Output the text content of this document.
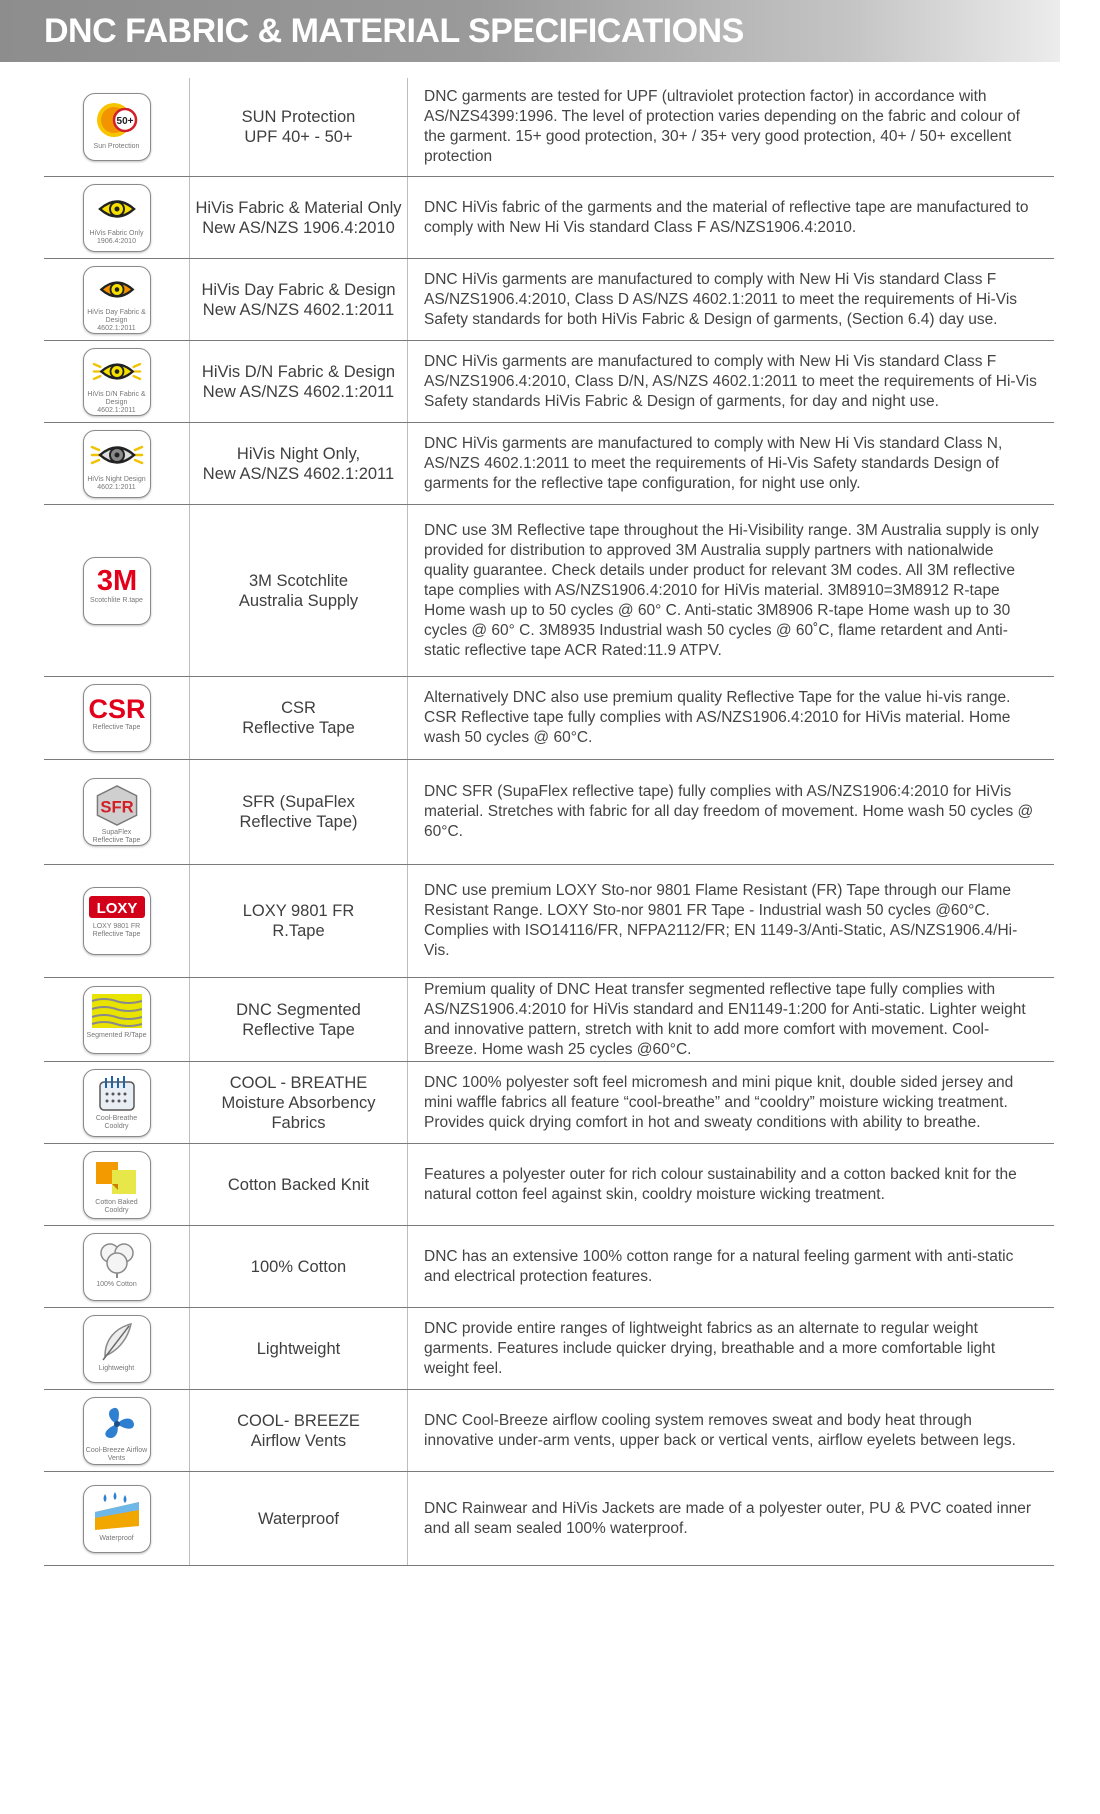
DNC FABRIC & MATERIAL SPECIFICATIONS
50+
Sun Protection
SUN Protection
UPF 40+ - 50+
DNC garments are tested for UPF (ultraviolet protection factor) in accordance with AS/NZS4399:1996. The level of protection varies depending on the fabric and colour of the garment. 15+ good protection, 30+ / 35+ very good protection, 40+ / 50+ excellent protection
HiVis Fabric Only 1906.4:2010
HiVis Fabric & Material Only
New AS/NZS 1906.4:2010
DNC HiVis fabric of the garments and the material of reflective tape are manufactured to comply with New Hi Vis standard Class F AS/NZS1906.4:2010.
HiVis Day Fabric & Design 4602.1:2011
HiVis Day Fabric & Design
New AS/NZS 4602.1:2011
DNC HiVis garments are manufactured to comply with New Hi Vis standard Class F AS/NZS1906.4:2010, Class D AS/NZS 4602.1:2011 to meet the requirements of Hi-Vis Safety standards for both HiVis Fabric & Design of garments, (Section 6.4) day use.
HiVis D/N Fabric & Design 4602.1:2011
HiVis D/N Fabric & Design
New AS/NZS 4602.1:2011
DNC HiVis garments are manufactured to comply with New Hi Vis standard Class F AS/NZS1906.4:2010, Class D/N, AS/NZS 4602.1:2011 to meet the requirements of Hi-Vis Safety standards HiVis Fabric & Design of garments, for day and night use.
HiVis Night Design 4602.1:2011
HiVis Night Only,
New AS/NZS 4602.1:2011
DNC HiVis garments are manufactured to comply with New Hi Vis standard Class N, AS/NZS 4602.1:2011 to meet the requirements of Hi-Vis Safety standards Design of garments for the reflective tape configuration, for night use only.
3M
Scotchlite R.tape
3M Scotchlite
Australia Supply
DNC use 3M Reflective tape throughout the Hi-Visibility range. 3M Australia supply is only provided for distribution to approved 3M Australia supply partners with nationalwide quality guarantee. Check details under product for relevant 3M codes. All 3M reflective tape complies with AS/NZS1906.4:2010 for HiVis material. 3M8910=3M8912 R-tape Home wash up to 50 cycles @ 60° C. Anti-static 3M8906 R-tape Home wash up to 30 cycles @ 60° C. 3M8935 Industrial wash 50 cycles @ 60˚C, flame retardent and Anti-static reflective tape ACR Rated:11.9 ATPV.
CSR
Reflective Tape
CSR
Reflective Tape
Alternatively DNC also use premium quality Reflective Tape for the value hi-vis range. CSR Reflective tape fully complies with AS/NZS1906.4:2010 for HiVis material. Home wash 50 cycles @ 60°C.
SFR
SupaFlex Reflective Tape
SFR (SupaFlex
Reflective Tape)
DNC SFR (SupaFlex reflective tape) fully complies with AS/NZS1906:4:2010 for HiVis material. Stretches with fabric for all day freedom of movement. Home wash 50 cycles @ 60°C.
LOXY
LOXY 9801 FR Reflective Tape
LOXY 9801 FR
R.Tape
DNC use premium LOXY Sto-nor 9801 Flame Resistant (FR) Tape through our Flame Resistant Range. LOXY Sto-nor 9801 FR Tape - Industrial wash 50 cycles @60°C. Complies with ISO14116/FR, NFPA2112/FR; EN 1149-3/Anti-Static, AS/NZS1906.4/Hi-Vis.
Segmented R/Tape
DNC Segmented
Reflective Tape
Premium quality of DNC Heat transfer segmented reflective tape fully complies with AS/NZS1906.4:2010 for HiVis standard and EN1149-1:200 for Anti-static. Lighter weight and innovative pattern, stretch with knit to add more comfort with movement. Cool-Breeze. Home wash 25 cycles @60°C.
Cool-Breathe Cooldry
COOL - BREATHE
Moisture Absorbency
Fabrics
DNC 100% polyester soft feel micromesh and mini pique knit, double sided jersey and mini waffle fabrics all feature “cool-breathe” and “cooldry” moisture wicking treatment. Provides quick drying comfort in hot and sweaty conditions with ability to breathe.
Cotton Baked Cooldry
Cotton Backed Knit
Features a polyester outer for rich colour sustainability and a cotton backed knit for the natural cotton feel against skin, cooldry moisture wicking treatment.
100% Cotton
100% Cotton
DNC has an extensive 100% cotton range for a natural feeling garment with anti-static and electrical protection features.
Lightweight
Lightweight
DNC provide entire ranges of lightweight fabrics as an alternate to regular weight garments. Features include quicker drying, breathable and a more comfortable light weight feel.
Cool-Breeze Airflow Vents
COOL- BREEZE
Airflow Vents
DNC Cool-Breeze airflow cooling system removes sweat and body heat through innovative under-arm vents, upper back or vertical vents, airflow eyelets between legs.
Waterproof
Waterproof
DNC Rainwear and HiVis Jackets are made of a polyester outer, PU & PVC coated inner and all seam sealed 100% waterproof.
